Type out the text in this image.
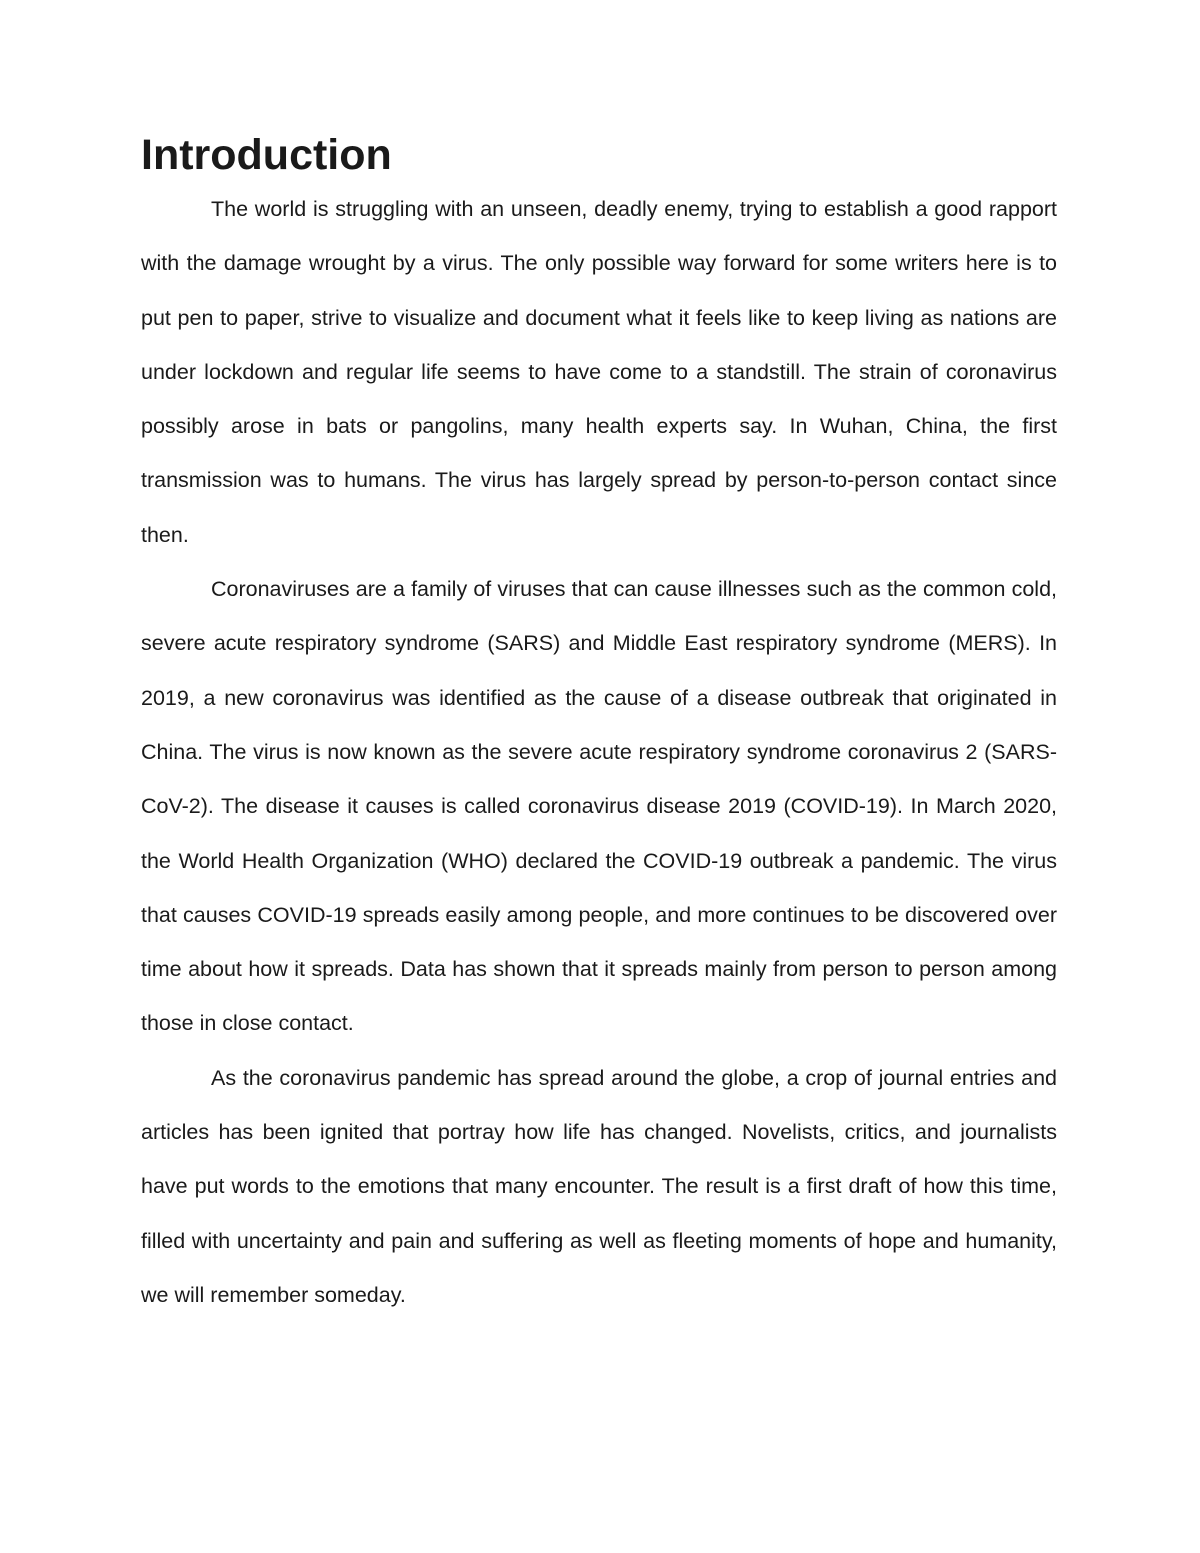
Introduction

The world is struggling with an unseen, deadly enemy, trying to establish a good rapport with the damage wrought by a virus. The only possible way forward for some writers here is to put pen to paper, strive to visualize and document what it feels like to keep living as nations are under lockdown and regular life seems to have come to a standstill. The strain of coronavirus possibly arose in bats or pangolins, many health experts say. In Wuhan, China, the first transmission was to humans. The virus has largely spread by person-to-person contact since then.

Coronaviruses are a family of viruses that can cause illnesses such as the common cold, severe acute respiratory syndrome (SARS) and Middle East respiratory syndrome (MERS). In 2019, a new coronavirus was identified as the cause of a disease outbreak that originated in China. The virus is now known as the severe acute respiratory syndrome coronavirus 2 (SARS-CoV-2). The disease it causes is called coronavirus disease 2019 (COVID-19). In March 2020, the World Health Organization (WHO) declared the COVID-19 outbreak a pandemic. The virus that causes COVID-19 spreads easily among people, and more continues to be discovered over time about how it spreads. Data has shown that it spreads mainly from person to person among those in close contact.

As the coronavirus pandemic has spread around the globe, a crop of journal entries and articles has been ignited that portray how life has changed. Novelists, critics, and journalists have put words to the emotions that many encounter. The result is a first draft of how this time, filled with uncertainty and pain and suffering as well as fleeting moments of hope and humanity, we will remember someday.
